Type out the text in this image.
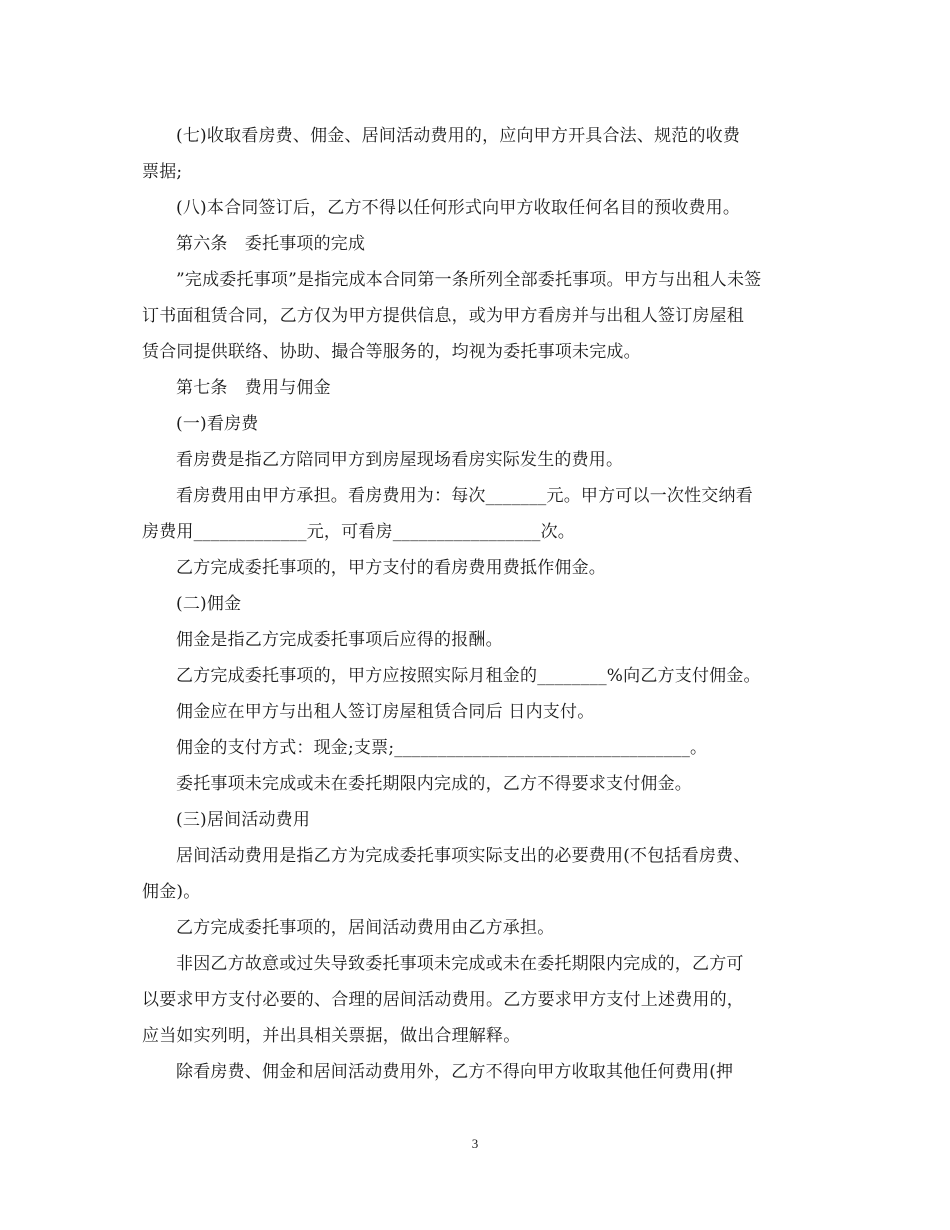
(七)收取看房费、佣金、居间活动费用的，应向甲方开具合法、规范的收费
票据;
(八)本合同签订后，乙方不得以任何形式向甲方收取任何名目的预收费用。
第六条　委托事项的完成
”完成委托事项”是指完成本合同第一条所列全部委托事项。甲方与出租人未签
订书面租赁合同，乙方仅为甲方提供信息，或为甲方看房并与出租人签订房屋租
赁合同提供联络、协助、撮合等服务的，均视为委托事项未完成。
第七条　费用与佣金
(一)看房费
看房费是指乙方陪同甲方到房屋现场看房实际发生的费用。
看房费用由甲方承担。看房费用为：每次_______元。甲方可以一次性交纳看
房费用_____________元，可看房_________________次。
乙方完成委托事项的，甲方支付的看房费用费抵作佣金。
(二)佣金
佣金是指乙方完成委托事项后应得的报酬。
乙方完成委托事项的，甲方应按照实际月租金的________%向乙方支付佣金。
佣金应在甲方与出租人签订房屋租赁合同后 日内支付。
佣金的支付方式：现金;支票;__________________________________。
委托事项未完成或未在委托期限内完成的，乙方不得要求支付佣金。
(三)居间活动费用
居间活动费用是指乙方为完成委托事项实际支出的必要费用(不包括看房费、
佣金)。
乙方完成委托事项的，居间活动费用由乙方承担。
非因乙方故意或过失导致委托事项未完成或未在委托期限内完成的，乙方可
以要求甲方支付必要的、合理的居间活动费用。乙方要求甲方支付上述费用的，
应当如实列明，并出具相关票据，做出合理解释。
除看房费、佣金和居间活动费用外，乙方不得向甲方收取其他任何费用(押
3
